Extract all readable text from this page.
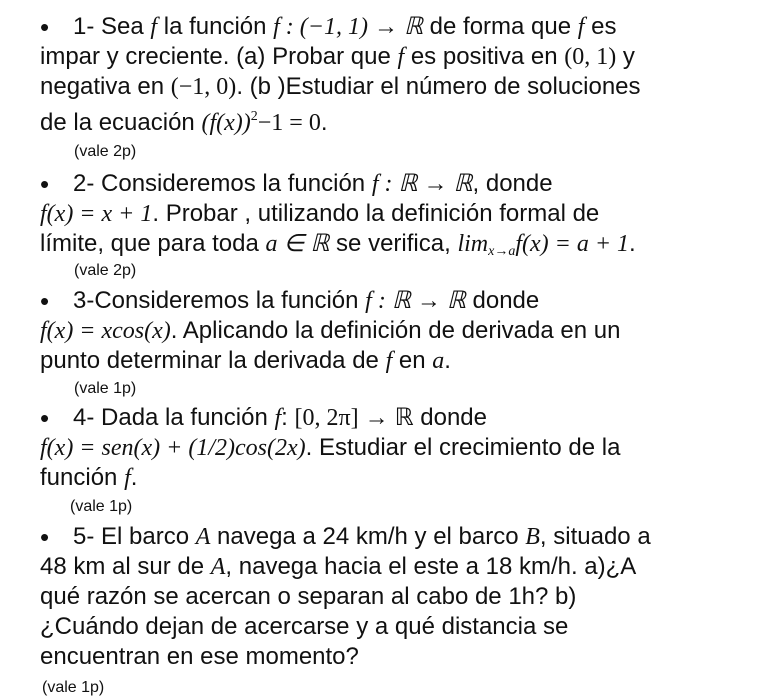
• 1- Sea f la función f : (−1, 1) → ℝ de forma que f es
impar y creciente. (a) Probar que f es positiva en (0, 1) y
negativa en (−1, 0). (b )Estudiar el número de soluciones
de la ecuación $(f(x))^2-1 = 0$.
(vale 2p)
• 2- Consideremos la función f : ℝ → ℝ, donde
f(x) = x + 1. Probar , utilizando la definición formal de
límite, que para toda a ∈ ℝ se verifica, limx→af(x) = a + 1.
(vale 2p)
• 3-Consideremos la función f : ℝ → ℝ donde
f(x) = xcos(x). Aplicando la definición de derivada en un
punto determinar la derivada de f en a.
(vale 1p)
• 4- Dada la función f: [0, 2π] → ℝ donde
f(x) = sen(x) + (1/2)cos(2x). Estudiar el crecimiento de la
función f.
(vale 1p)
• 5- El barco A navega a 24 km/h y el barco B, situado a
48 km al sur de A, navega hacia el este a 18 km/h. a)¿A
qué razón se acercan o separan al cabo de 1h? b)
¿Cuándo dejan de acercarse y a qué distancia se
encuentran en ese momento?
(vale 1p)
